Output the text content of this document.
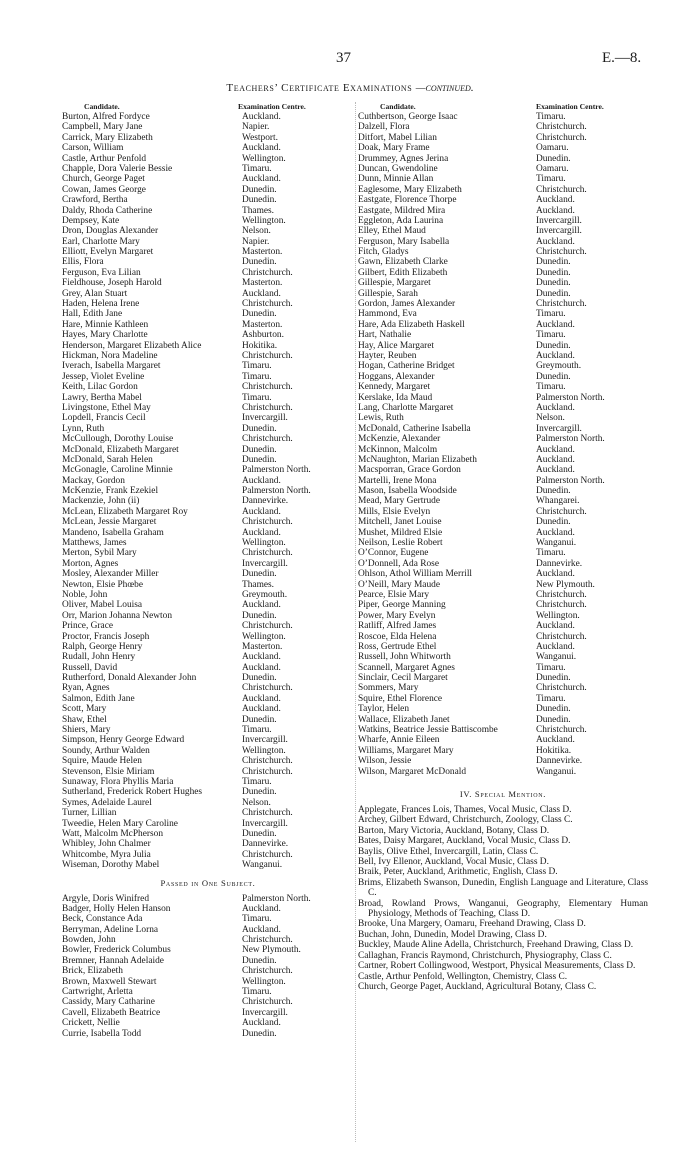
37	E.—8.
Teachers’ Certificate Examinations —continued.
Candidate.	Examination Centre.
Burton, Alfred Fordyce	Auckland.
Campbell, Mary Jane	Napier.
Carrick, Mary Elizabeth	Westport.
Carson, William	Auckland.
Castle, Arthur Penfold	Wellington.
Chapple, Dora Valerie Bessie	Timaru.
Church, George Paget	Auckland.
Cowan, James George	Dunedin.
Crawford, Bertha	Dunedin.
Daldy, Rhoda Catherine	Thames.
Dempsey, Kate	Wellington.
Dron, Douglas Alexander	Nelson.
Earl, Charlotte Mary	Napier.
Elliott, Evelyn Margaret	Masterton.
Ellis, Flora	Dunedin.
Ferguson, Eva Lilian	Christchurch.
Fieldhouse, Joseph Harold	Masterton.
Grey, Alan Stuart	Auckland.
Haden, Helena Irene	Christchurch.
Hall, Edith Jane	Dunedin.
Hare, Minnie Kathleen	Masterton.
Hayes, Mary Charlotte	Ashburton.
Henderson, Margaret Elizabeth Alice	Hokitika.
Hickman, Nora Madeline	Christchurch.
Iverach, Isabella Margaret	Timaru.
Jessep, Violet Eveline	Timaru.
Keith, Lilac Gordon	Christchurch.
Lawry, Bertha Mabel	Timaru.
Livingstone, Ethel May	Christchurch.
Lopdell, Francis Cecil	Invercargill.
Lynn, Ruth	Dunedin.
McCullough, Dorothy Louise	Christchurch.
McDonald, Elizabeth Margaret	Dunedin.
McDonald, Sarah Helen	Dunedin.
McGonagle, Caroline Minnie	Palmerston North.
Mackay, Gordon	Auckland.
McKenzie, Frank Ezekiel	Palmerston North.
Mackenzie, John (ii)	Dannevirke.
McLean, Elizabeth Margaret Roy	Auckland.
McLean, Jessie Margaret	Christchurch.
Mandeno, Isabella Graham	Auckland.
Matthews, James	Wellington.
Merton, Sybil Mary	Christchurch.
Morton, Agnes	Invercargill.
Mosley, Alexander Miller	Dunedin.
Newton, Elsie Phœbe	Thames.
Noble, John	Greymouth.
Oliver, Mabel Louisa	Auckland.
Orr, Marion Johanna Newton	Dunedin.
Prince, Grace	Christchurch.
Proctor, Francis Joseph	Wellington.
Ralph, George Henry	Masterton.
Rudall, John Henry	Auckland.
Russell, David	Auckland.
Rutherford, Donald Alexander John	Dunedin.
Ryan, Agnes	Christchurch.
Salmon, Edith Jane	Auckland.
Scott, Mary	Auckland.
Shaw, Ethel	Dunedin.
Shiers, Mary	Timaru.
Simpson, Henry George Edward	Invercargill.
Soundy, Arthur Walden	Wellington.
Squire, Maude Helen	Christchurch.
Stevenson, Elsie Miriam	Christchurch.
Sunaway, Flora Phyllis Maria	Timaru.
Sutherland, Frederick Robert Hughes	Dunedin.
Symes, Adelaide Laurel	Nelson.
Turner, Lillian	Christchurch.
Tweedie, Helen Mary Caroline	Invercargill.
Watt, Malcolm McPherson	Dunedin.
Whibley, John Chalmer	Dannevirke.
Whitcombe, Myra Julia	Christchurch.
Wiseman, Dorothy Mabel	Wanganui.
Passed in One Subject.
Argyle, Doris Winifred	Palmerston North.
Badger, Holly Helen Hanson	Auckland.
Beck, Constance Ada	Timaru.
Berryman, Adeline Lorna	Auckland.
Bowden, John	Christchurch.
Bowler, Frederick Columbus	New Plymouth.
Bremner, Hannah Adelaide	Dunedin.
Brick, Elizabeth	Christchurch.
Brown, Maxwell Stewart	Wellington.
Cartwright, Arletta	Timaru.
Cassidy, Mary Catharine	Christchurch.
Cavell, Elizabeth Beatrice	Invercargill.
Crickett, Nellie	Auckland.
Currie, Isabella Todd	Dunedin.
Candidate.	Examination Centre.
Cuthbertson, George Isaac	Timaru.
Dalzell, Flora	Christchurch.
Ditfort, Mabel Lilian	Christchurch.
Doak, Mary Frame	Oamaru.
Drummey, Agnes Jerina	Dunedin.
Duncan, Gwendoline	Oamaru.
Dunn, Minnie Allan	Timaru.
Eaglesome, Mary Elizabeth	Christchurch.
Eastgate, Florence Thorpe	Auckland.
Eastgate, Mildred Mira	Auckland.
Eggleton, Ada Laurina	Invercargill.
Elley, Ethel Maud	Invercargill.
Ferguson, Mary Isabella	Auckland.
Fitch, Gladys	Christchurch.
Gawn, Elizabeth Clarke	Dunedin.
Gilbert, Edith Elizabeth	Dunedin.
Gillespie, Margaret	Dunedin.
Gillespie, Sarah	Dunedin.
Gordon, James Alexander	Christchurch.
Hammond, Eva	Timaru.
Hare, Ada Elizabeth Haskell	Auckland.
Hart, Nathalie	Timaru.
Hay, Alice Margaret	Dunedin.
Hayter, Reuben	Auckland.
Hogan, Catherine Bridget	Greymouth.
Hoggans, Alexander	Dunedin.
Kennedy, Margaret	Timaru.
Kerslake, Ida Maud	Palmerston North.
Lang, Charlotte Margaret	Auckland.
Lewis, Ruth	Nelson.
McDonald, Catherine Isabella	Invercargill.
McKenzie, Alexander	Palmerston North.
McKinnon, Malcolm	Auckland.
McNaughton, Marian Elizabeth	Auckland.
Macsporran, Grace Gordon	Auckland.
Martelli, Irene Mona	Palmerston North.
Mason, Isabella Woodside	Dunedin.
Mead, Mary Gertrude	Whangarei.
Mills, Elsie Evelyn	Christchurch.
Mitchell, Janet Louise	Dunedin.
Mushet, Mildred Elsie	Auckland.
Neilson, Leslie Robert	Wanganui.
O’Connor, Eugene	Timaru.
O’Donnell, Ada Rose	Dannevirke.
Ohlson, Athol William Merrill	Auckland.
O’Neill, Mary Maude	New Plymouth.
Pearce, Elsie Mary	Christchurch.
Piper, George Manning	Christchurch.
Power, Mary Evelyn	Wellington.
Ratliff, Alfred James	Auckland.
Roscoe, Elda Helena	Christchurch.
Ross, Gertrude Ethel	Auckland.
Russell, John Whitworth	Wanganui.
Scannell, Margaret Agnes	Timaru.
Sinclair, Cecil Margaret	Dunedin.
Sommers, Mary	Christchurch.
Squire, Ethel Florence	Timaru.
Taylor, Helen	Dunedin.
Wallace, Elizabeth Janet	Dunedin.
Watkins, Beatrice Jessie Battiscombe	Christchurch.
Wharfe, Annie Eileen	Auckland.
Williams, Margaret Mary	Hokitika.
Wilson, Jessie	Dannevirke.
Wilson, Margaret McDonald	Wanganui.
IV. Special Mention.
Applegate, Frances Lois, Thames, Vocal Music, Class D.
Archey, Gilbert Edward, Christchurch, Zoology, Class C.
Barton, Mary Victoria, Auckland, Botany, Class D.
Bates, Daisy Margaret, Auckland, Vocal Music, Class D.
Baylis, Olive Ethel, Invercargill, Latin, Class C.
Bell, Ivy Ellenor, Auckland, Vocal Music, Class D.
Braik, Peter, Auckland, Arithmetic, English, Class D.
Brims, Elizabeth Swanson, Dunedin, English Language and Literature, Class C.
Broad, Rowland Prows, Wanganui, Geography, Elementary Human Physiology, Methods of Teaching, Class D.
Brooke, Una Margery, Oamaru, Freehand Drawing, Class D.
Buchan, John, Dunedin, Model Drawing, Class D.
Buckley, Maude Aline Adella, Christchurch, Freehand Drawing, Class D.
Callaghan, Francis Raymond, Christchurch, Physiography, Class C.
Cartner, Robert Collingwood, Westport, Physical Measurements, Class D.
Castle, Arthur Penfold, Wellington, Chemistry, Class C.
Church, George Paget, Auckland, Agricultural Botany, Class C.
